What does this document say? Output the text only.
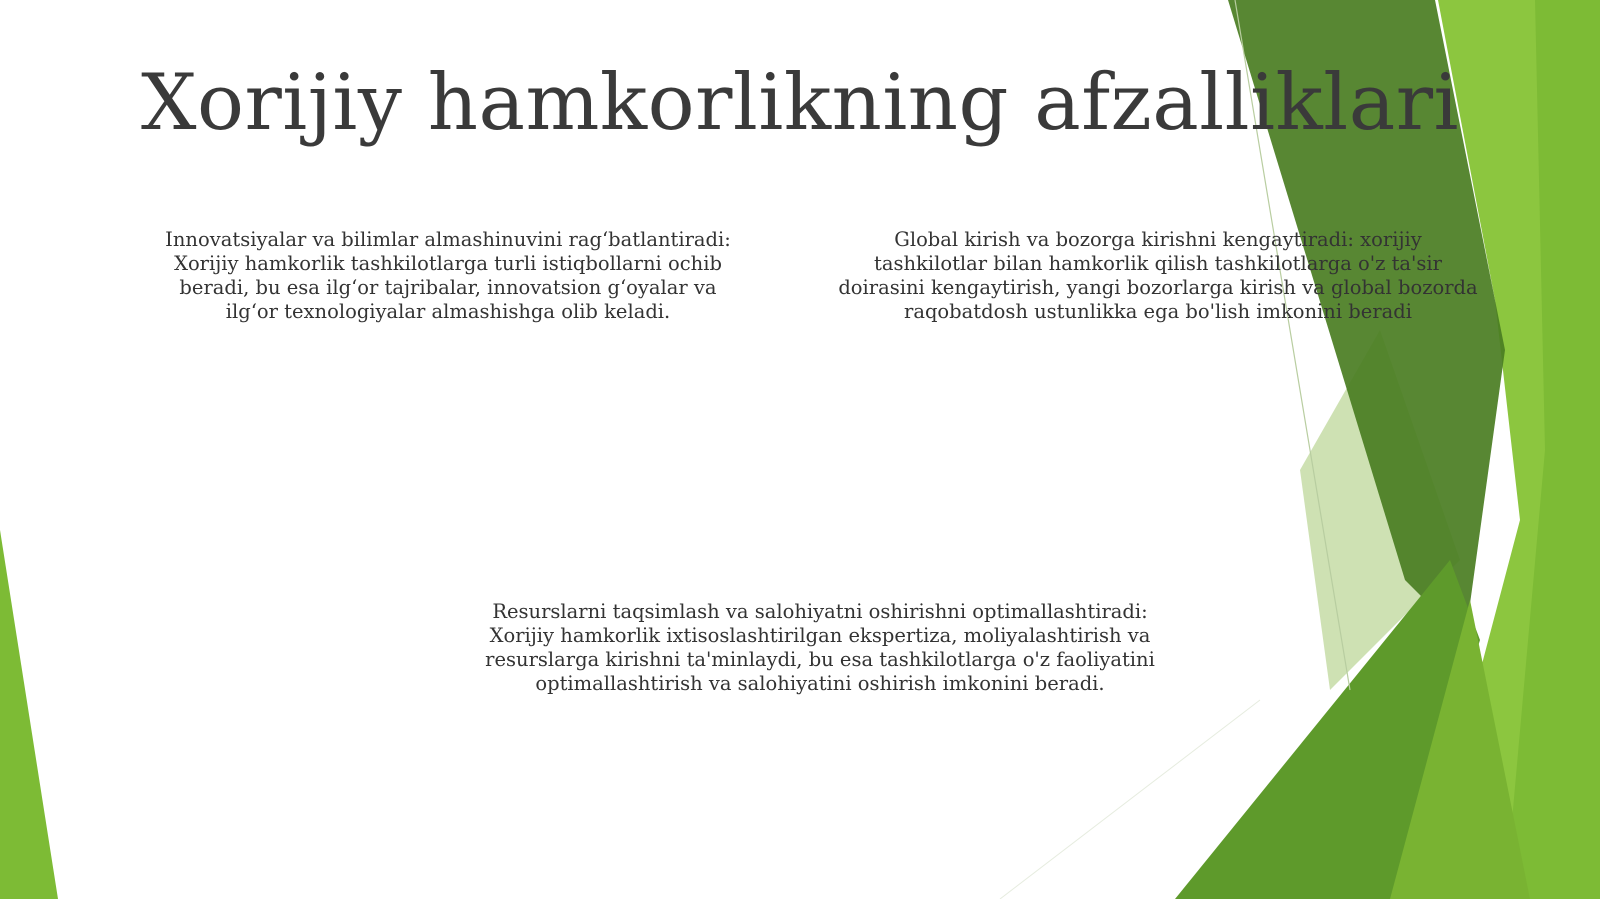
Xorijiy hamkorlikning afzalliklari
Innovatsiyalar va bilimlar almashinuvini rag‘batlantiradi: Xorijiy hamkorlik tashkilotlarga turli istiqbollarni ochib beradi, bu esa ilg‘or tajribalar, innovatsion g‘oyalar va ilg‘or texnologiyalar almashishga olib keladi.
Global kirish va bozorga kirishni kengaytiradi: xorijiy tashkilotlar bilan hamkorlik qilish tashkilotlarga o'z ta'sir doirasini kengaytirish, yangi bozorlarga kirish va global bozorda raqobatdosh ustunlikka ega bo'lish imkonini beradi
Resurslarni taqsimlash va salohiyatni oshirishni optimallashtiradi: Xorijiy hamkorlik ixtisoslashtirilgan ekspertiza, moliyalashtirish va resurslarga kirishni ta'minlaydi, bu esa tashkilotlarga o'z faoliyatini optimallashtirish va salohiyatini oshirish imkonini beradi.
